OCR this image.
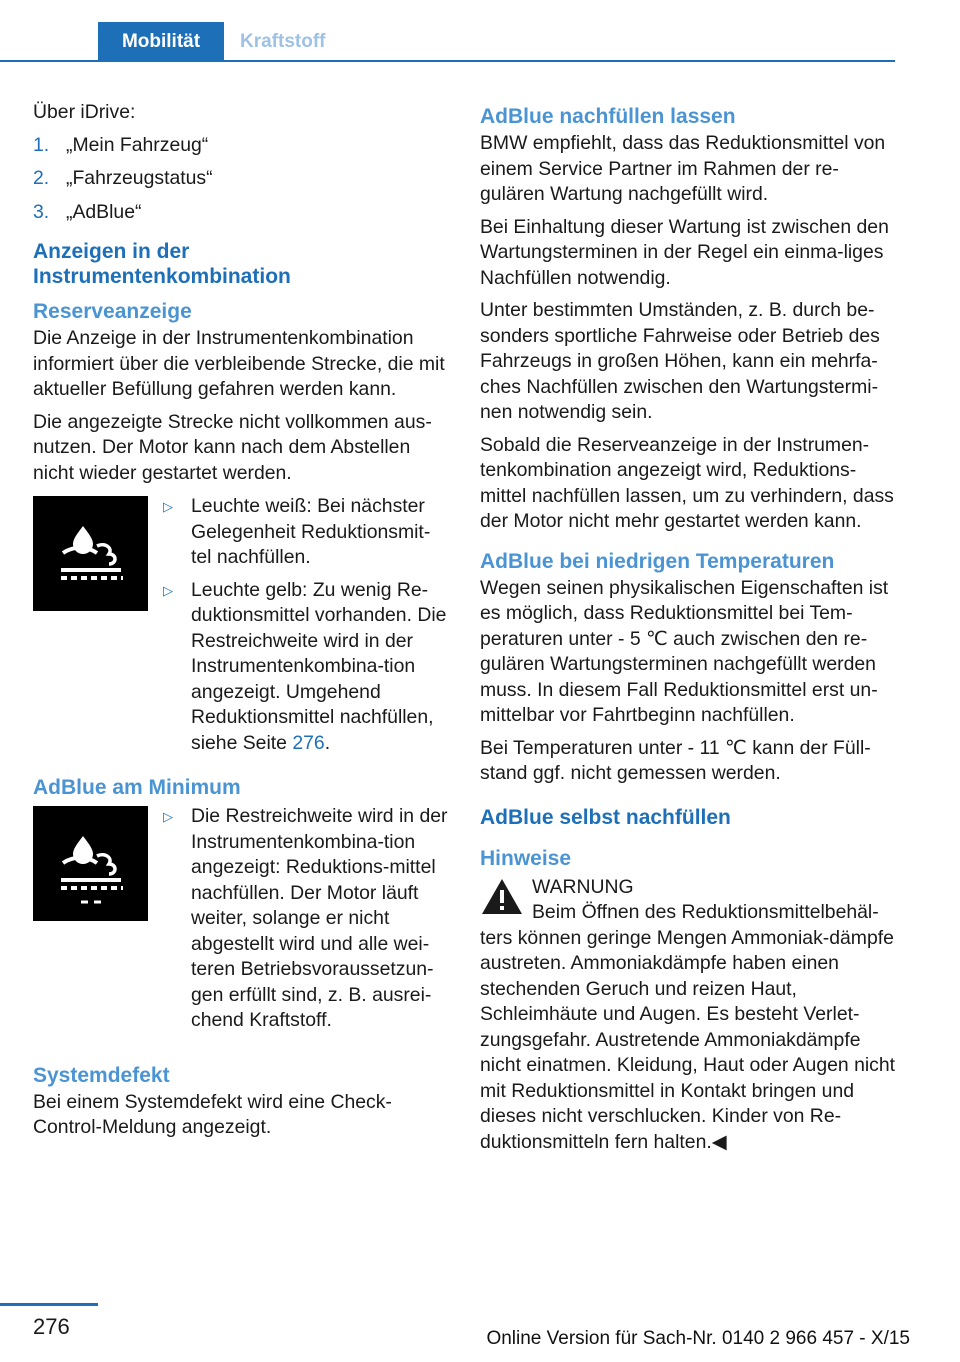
Mobilität	Kraftstoff

Über iDrive:

1. „Mein Fahrzeug“
2. „Fahrzeugstatus“
3. „AdBlue“
Anzeigen in der Instrumentenkombination
Reserveanzeige

Die Anzeige in der Instrumentenkombination informiert über die verbleibende Strecke, die mit aktueller Befüllung gefahren werden kann.

Die angezeigte Strecke nicht vollkommen aus-nutzen. Der Motor kann nach dem Abstellen nicht wieder gestartet werden.

▷ Leuchte weiß: Bei nächster Gelegenheit Reduktionsmit-tel nachfüllen.
▷ Leuchte gelb: Zu wenig Re-duktionsmittel vorhanden. Die Restreichweite wird in der Instrumentenkombina-tion angezeigt. Umgehend Reduktionsmittel nachfüllen, siehe Seite 276.
AdBlue am Minimum
▷ Die Restreichweite wird in der Instrumentenkombina-tion angezeigt: Reduktions-mittel nachfüllen. Der Motor läuft weiter, solange er nicht abgestellt wird und alle wei-teren Betriebsvoraussetzun-gen erfüllt sind, z. B. ausrei-chend Kraftstoff.
Systemdefekt

Bei einem Systemdefekt wird eine Check-Control-Meldung angezeigt.

AdBlue nachfüllen lassen

BMW empfiehlt, dass das Reduktionsmittel von einem Service Partner im Rahmen der re-gulären Wartung nachgefüllt wird.

Bei Einhaltung dieser Wartung ist zwischen den Wartungsterminen in der Regel ein einma-liges Nachfüllen notwendig.

Unter bestimmten Umständen, z. B. durch be-sonders sportliche Fahrweise oder Betrieb des Fahrzeugs in großen Höhen, kann ein mehrfa-ches Nachfüllen zwischen den Wartungstermi-nen notwendig sein.

Sobald die Reserveanzeige in der Instrumen-tenkombination angezeigt wird, Reduktions-mittel nachfüllen lassen, um zu verhindern, dass der Motor nicht mehr gestartet werden kann.

AdBlue bei niedrigen Temperaturen

Wegen seinen physikalischen Eigenschaften ist es möglich, dass Reduktionsmittel bei Tem-peraturen unter - 5 ℃ auch zwischen den re-gulären Wartungsterminen nachgefüllt werden muss. In diesem Fall Reduktionsmittel erst un-mittelbar vor Fahrtbeginn nachfüllen.

Bei Temperaturen unter - 11 ℃ kann der Füll-stand ggf. nicht gemessen werden.

AdBlue selbst nachfüllen
Hinweise
WARNUNG
Beim Öffnen des Reduktionsmittelbehäl-

ters können geringe Mengen Ammoniak-dämpfe austreten. Ammoniakdämpfe haben einen stechenden Geruch und reizen Haut, Schleimhäute und Augen. Es besteht Verlet-zungsgefahr. Austretende Ammoniakdämpfe nicht einatmen. Kleidung, Haut oder Augen nicht mit Reduktionsmittel in Kontakt bringen und dieses nicht verschlucken. Kinder von Re-duktionsmitteln fern halten.◀

276	Online Version für Sach-Nr. 0140 2 966 457 - X/15
